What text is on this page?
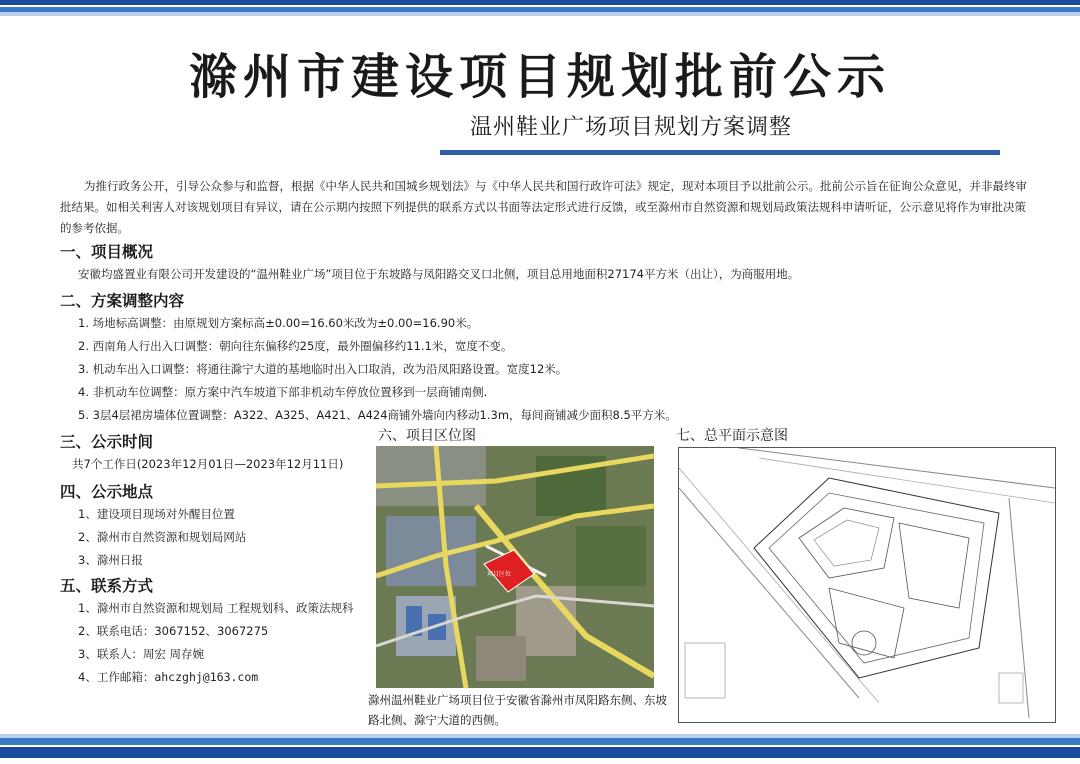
滁州市建设项目规划批前公示
温州鞋业广场项目规划方案调整
为推行政务公开，引导公众参与和监督，根据《中华人民共和国城乡规划法》与《中华人民共和国行政许可法》规定，现对本项目予以批前公示。批前公示旨在征询公众意见，并非最终审批结果。如相关利害人对该规划项目有异议，请在公示期内按照下列提供的联系方式以书面等法定形式进行反馈，或至滁州市自然资源和规划局政策法规科申请听证，公示意见将作为审批决策的参考依据。
一、项目概况
安徽均盛置业有限公司开发建设的“温州鞋业广场”项目位于东坡路与凤阳路交叉口北侧，项目总用地面积27174平方米（出让），为商服用地。
二、方案调整内容
1. 场地标高调整：由原规划方案标高±0.00=16.60米改为±0.00=16.90米。
2. 西南角人行出入口调整：朝向往东偏移约25度，最外圈偏移约11.1米，宽度不变。
3. 机动车出入口调整：将通往滁宁大道的基地临时出入口取消，改为沿凤阳路设置。宽度12米。
4. 非机动车位调整：原方案中汽车坡道下部非机动车停放位置移到一层商铺南侧.
5. 3层4层裙房墙体位置调整：A322、A325、A421、A424商铺外墙向内移动1.3m，每间商铺减少面积8.5平方米。
三、公示时间
共7个工作日(2023年12月01日—2023年12月11日)
四、公示地点
1、建设项目现场对外醒目位置
2、滁州市自然资源和规划局网站
3、滁州日报
五、联系方式
1、滁州市自然资源和规划局 工程规划科、政策法规科
2、联系电话：3067152、3067275
3、联系人：周宏 周存婉
4、工作邮箱：ahczghj@163.com
六、项目区位图
项目区位
滁州温州鞋业广场项目位于安徽省滁州市凤阳路东侧、东坡路北侧、滁宁大道的西侧。
七、总平面示意图
